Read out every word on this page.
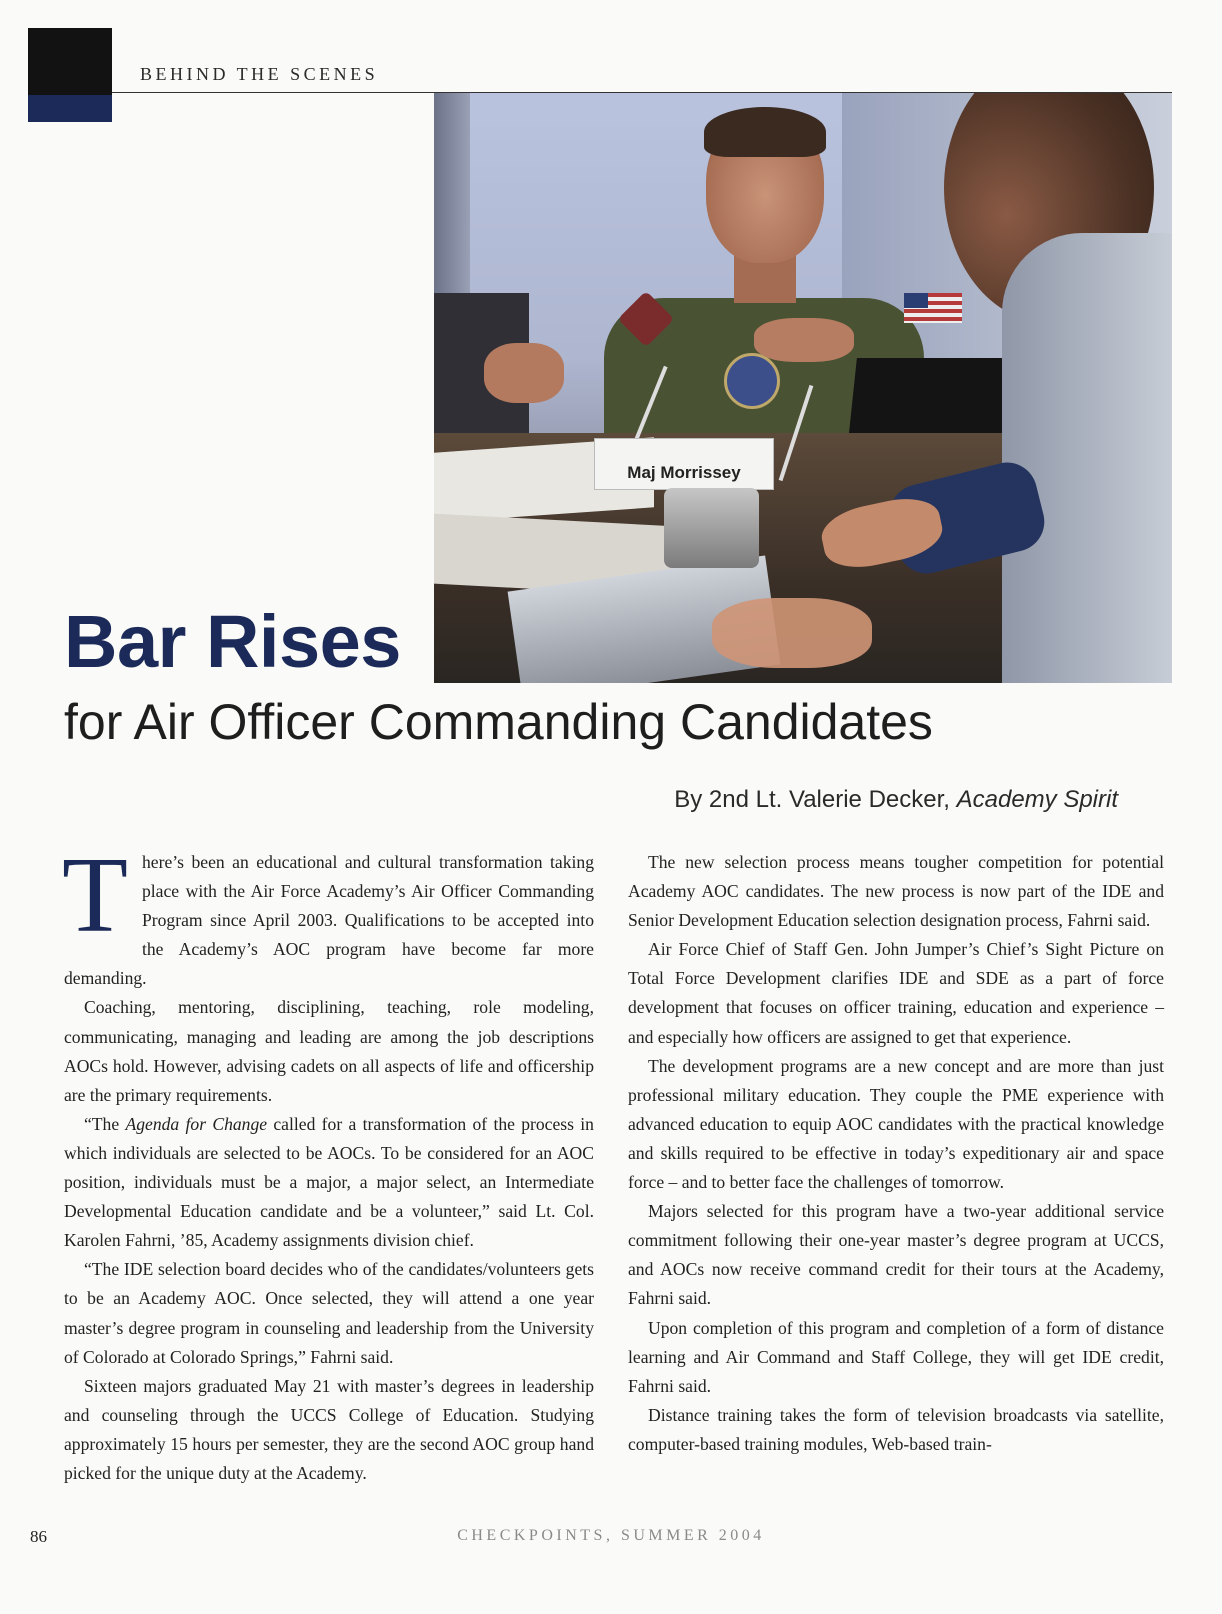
BEHIND THE SCENES
Maj Morrissey
Bar Rises
for Air Officer Commanding Candidates
By 2nd Lt. Valerie Decker, Academy Spirit

There’s been an educational and cultural transformation taking place with the Air Force Academy’s Air Officer Commanding Program since April 2003. Qualifications to be accepted into the Academy’s AOC program have become far more demanding.

Coaching, mentoring, disciplining, teaching, role modeling, communicating, managing and leading are among the job descriptions AOCs hold. However, advising cadets on all aspects of life and officership are the primary requirements.

“The Agenda for Change called for a transformation of the process in which individuals are selected to be AOCs. To be considered for an AOC position, individuals must be a major, a major select, an Intermediate Developmental Education candidate and be a volunteer,” said Lt. Col. Karolen Fahrni, ’85, Academy assignments division chief.

“The IDE selection board decides who of the candidates/volunteers gets to be an Academy AOC. Once selected, they will attend a one year master’s degree program in counseling and leadership from the University of Colorado at Colorado Springs,” Fahrni said.

Sixteen majors graduated May 21 with master’s degrees in leadership and counseling through the UCCS College of Education. Studying approximately 15 hours per semester, they are the second AOC group hand picked for the unique duty at the Academy.

The new selection process means tougher competition for potential Academy AOC candidates. The new process is now part of the IDE and Senior Development Education selection designation process, Fahrni said.

Air Force Chief of Staff Gen. John Jumper’s Chief’s Sight Picture on Total Force Development clarifies IDE and SDE as a part of force development that focuses on officer training, education and experience – and especially how officers are assigned to get that experience.

The development programs are a new concept and are more than just professional military education. They couple the PME experience with advanced education to equip AOC candidates with the practical knowledge and skills required to be effective in today’s expeditionary air and space force – and to better face the challenges of tomorrow.

Majors selected for this program have a two-year additional service commitment following their one-year master’s degree program at UCCS, and AOCs now receive command credit for their tours at the Academy, Fahrni said.

Upon completion of this program and completion of a form of distance learning and Air Command and Staff College, they will get IDE credit, Fahrni said.

Distance training takes the form of television broadcasts via satellite, computer-based training modules, Web-based train-

86	CHECKPOINTS, SUMMER 2004
